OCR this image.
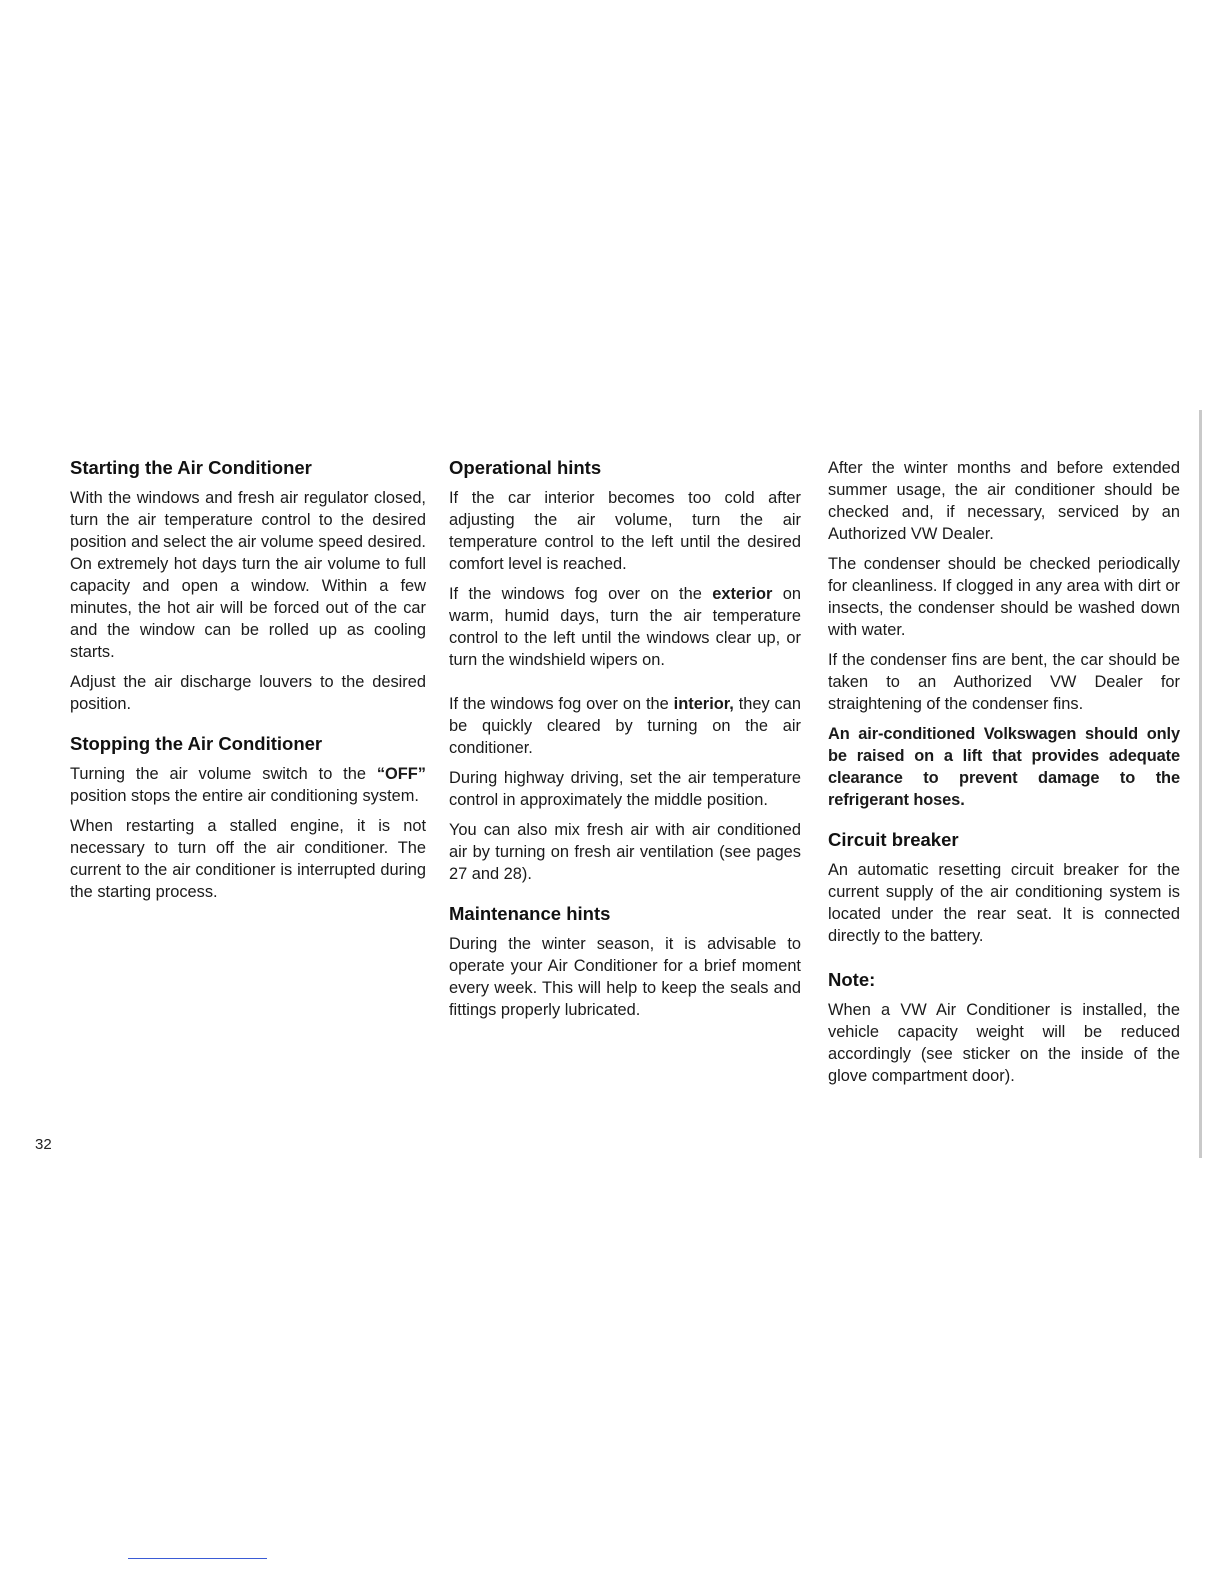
Starting the Air Conditioner

With the windows and fresh air regulator closed, turn the air temperature control to the desired position and select the air volume speed desired. On extremely hot days turn the air volume to full capacity and open a window. Within a few minutes, the hot air will be forced out of the car and the window can be rolled up as cooling starts.

Adjust the air discharge louvers to the desired position.

Stopping the Air Conditioner

Turning the air volume switch to the “OFF” position stops the entire air conditioning system.

When restarting a stalled engine, it is not necessary to turn off the air conditioner. The current to the air conditioner is interrupted during the starting process.

Operational hints

If the car interior becomes too cold after adjusting the air volume, turn the air temperature control to the left until the desired comfort level is reached.

If the windows fog over on the exterior on warm, humid days, turn the air temperature control to the left until the windows clear up, or turn the windshield wipers on.

If the windows fog over on the interior, they can be quickly cleared by turning on the air conditioner.

During highway driving, set the air temperature control in approximately the middle position.

You can also mix fresh air with air conditioned air by turning on fresh air ventilation (see pages 27 and 28).

Maintenance hints

During the winter season, it is advisable to operate your Air Conditioner for a brief moment every week. This will help to keep the seals and fittings properly lubricated.

After the winter months and before extended summer usage, the air conditioner should be checked and, if necessary, serviced by an Authorized VW Dealer.

The condenser should be checked periodically for cleanliness. If clogged in any area with dirt or insects, the condenser should be washed down with water.

If the condenser fins are bent, the car should be taken to an Authorized VW Dealer for straightening of the condenser fins.

An air-conditioned Volkswagen should only be raised on a lift that provides adequate clearance to prevent damage to the refrigerant hoses.

Circuit breaker

An automatic resetting circuit breaker for the current supply of the air conditioning system is located under the rear seat. It is connected directly to the battery.

Note:

When a VW Air Conditioner is installed, the vehicle capacity weight will be reduced accordingly (see sticker on the inside of the glove compartment door).

32
